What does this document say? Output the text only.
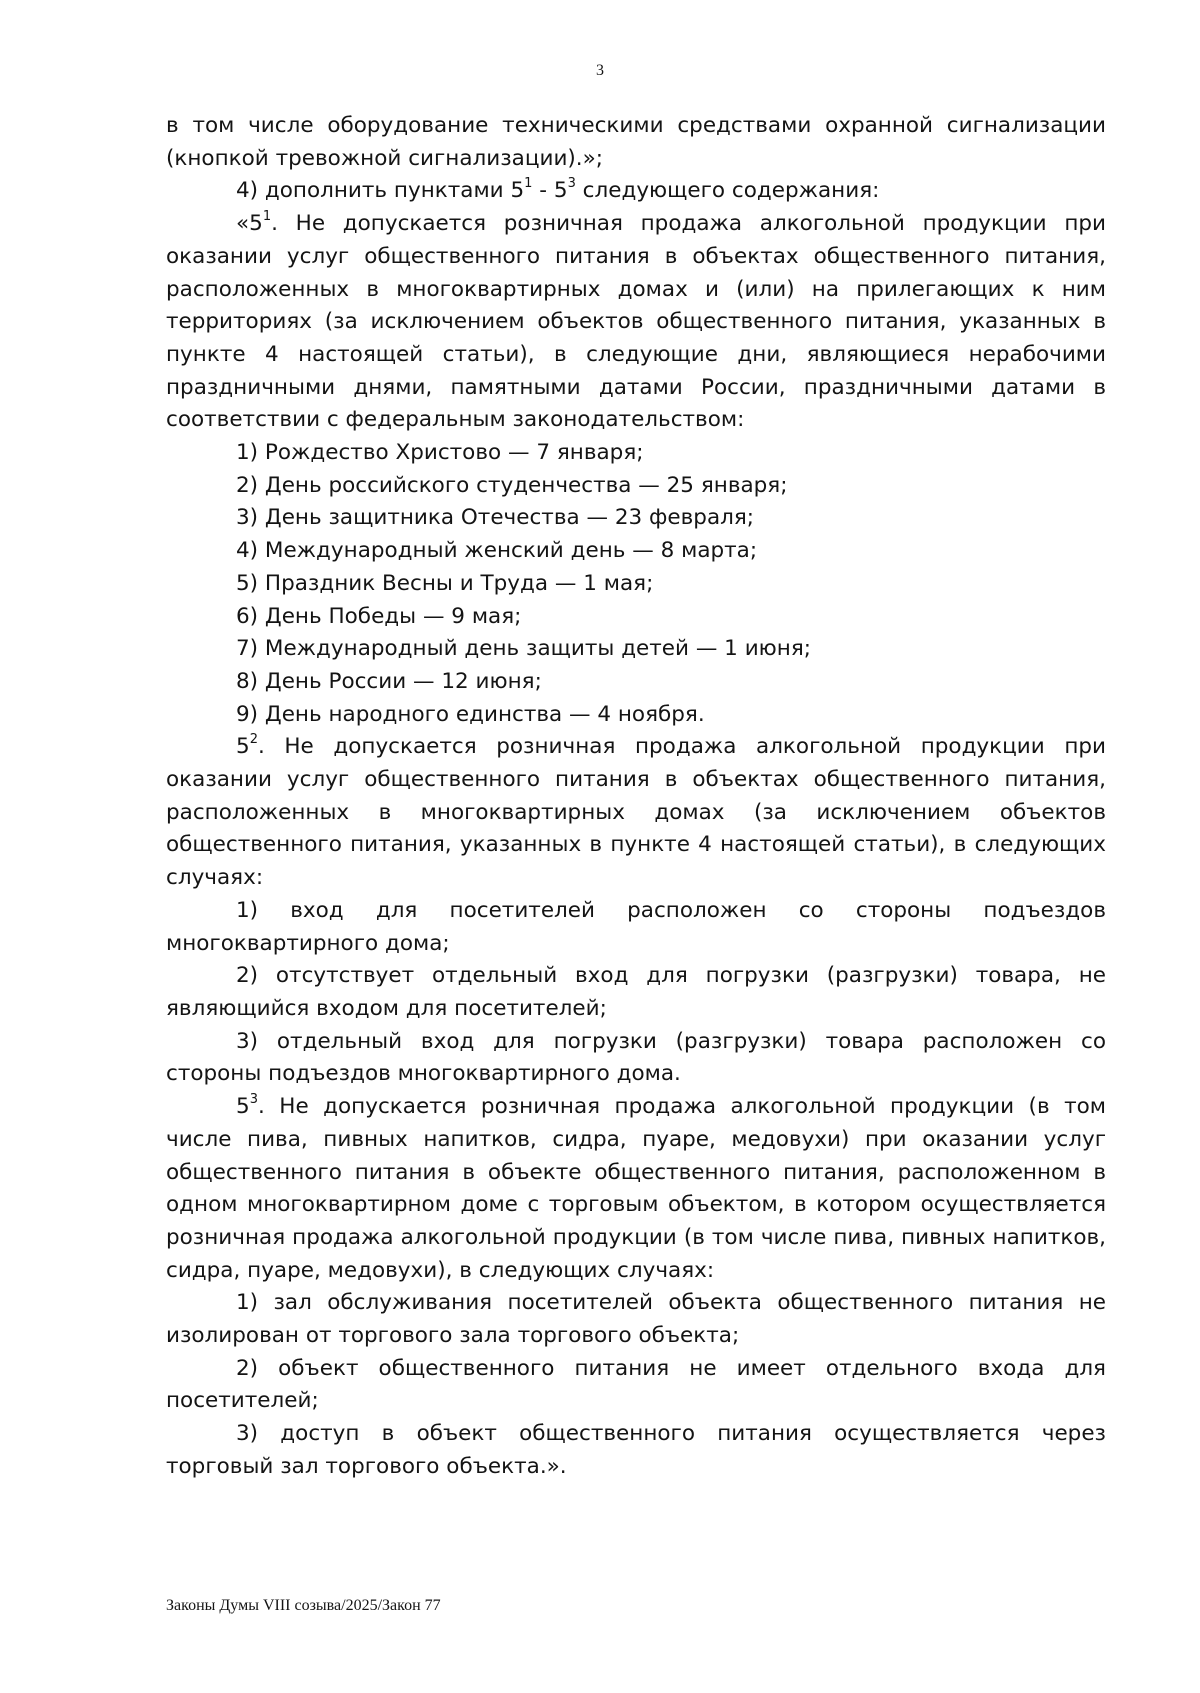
3

в том числе оборудование техническими средствами охранной сигнализации (кнопкой тревожной сигнализации).»;

4) дополнить пунктами $5^1 - 5^3$ следующего содержания:

«$5^1$. Не допускается розничная продажа алкогольной продукции при оказании услуг общественного питания в объектах общественного питания, расположенных в многоквартирных домах и (или) на прилегающих к ним территориях (за исключением объектов общественного питания, указанных в пункте 4 настоящей статьи), в следующие дни, являющиеся нерабочими праздничными днями, памятными датами России, праздничными датами в соответствии с федеральным законодательством:

1) Рождество Христово — 7 января;

2) День российского студенчества — 25 января;

3) День защитника Отечества — 23 февраля;

4) Международный женский день — 8 марта;

5) Праздник Весны и Труда — 1 мая;

6) День Победы — 9 мая;

7) Международный день защиты детей — 1 июня;

8) День России — 12 июня;

9) День народного единства — 4 ноября.

$5^2$. Не допускается розничная продажа алкогольной продукции при оказании услуг общественного питания в объектах общественного питания, расположенных в многоквартирных домах (за исключением объектов общественного питания, указанных в пункте 4 настоящей статьи), в следующих случаях:

1) вход для посетителей расположен со стороны подъездов многоквартирного дома;

2) отсутствует отдельный вход для погрузки (разгрузки) товара, не являющийся входом для посетителей;

3) отдельный вход для погрузки (разгрузки) товара расположен со стороны подъездов многоквартирного дома.

$5^3$. Не допускается розничная продажа алкогольной продукции (в том числе пива, пивных напитков, сидра, пуаре, медовухи) при оказании услуг общественного питания в объекте общественного питания, расположенном в одном многоквартирном доме с торговым объектом, в котором осуществляется розничная продажа алкогольной продукции (в том числе пива, пивных напитков, сидра, пуаре, медовухи), в следующих случаях:

1) зал обслуживания посетителей объекта общественного питания не изолирован от торгового зала торгового объекта;

2) объект общественного питания не имеет отдельного входа для посетителей;

3) доступ в объект общественного питания осуществляется через торговый зал торгового объекта.».

Законы Думы VIII созыва/2025/Закон 77
